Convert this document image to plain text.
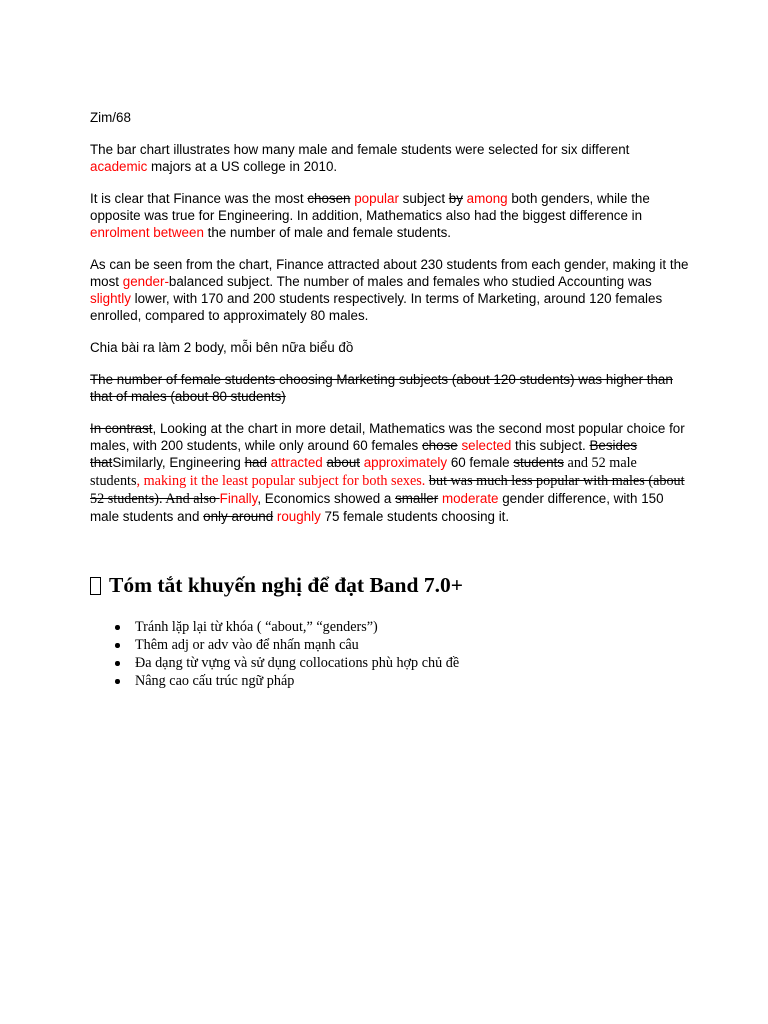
Zim/68

The bar chart illustrates how many male and female students were selected for six different academic majors at a US college in 2010.

It is clear that Finance was the most chosen popular subject by among both genders, while the opposite was true for Engineering. In addition, Mathematics also had the biggest difference in enrolment between the number of male and female students.

As can be seen from the chart, Finance attracted about 230 students from each gender, making it the most gender-balanced subject. The number of males and females who studied Accounting was slightly lower, with 170 and 200 students respectively. In terms of Marketing, around 120 females enrolled, compared to approximately 80 males.

Chia bài ra làm 2 body, mỗi bên nữa biểu đồ

The number of female students choosing Marketing subjects (about 120 students) was higher than that of males (about 80 students)

In contrast, Looking at the chart in more detail, Mathematics was the second most popular choice for males, with 200 students, while only around 60 females chose selected this subject. Besides thatSimilarly, Engineering had attracted about approximately 60 female students and 52 male students, making it the least popular subject for both sexes. but was much less popular with males (about 52 students). And also Finally, Economics showed a smaller moderate gender difference, with 150 male students and only around roughly 75 female students choosing it.

Tóm tắt khuyến nghị để đạt Band 7.0+
Tránh lặp lại từ khóa ( “about,” “genders”)
Thêm adj or adv vào để nhấn mạnh câu
Đa dạng từ vựng và sử dụng collocations phù hợp chủ đề
Nâng cao cấu trúc ngữ pháp
